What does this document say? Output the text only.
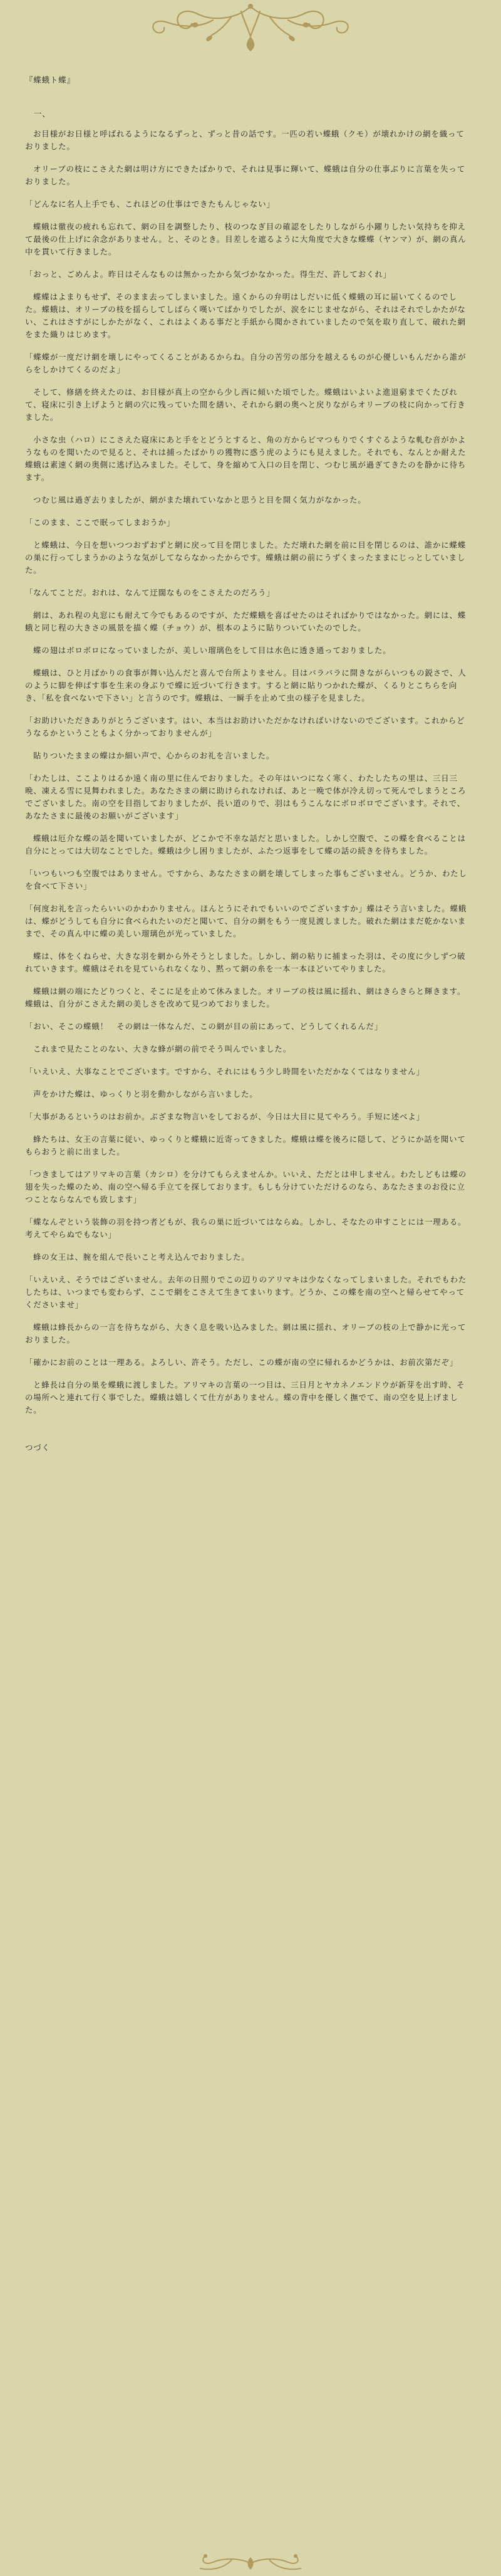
『蝶蛾ト蝶』
一、
お目様がお日様と呼ばれるようになるずっと、ずっと昔の話です。一匹の若い蝶蛾（クモ）が壊れかけの網を織っておりました。
オリーブの枝にこさえた網は明け方にできたばかりで、それは見事に輝いて、蝶蛾は自分の仕事ぶりに言葉を失っておりました。
「どんなに名人上手でも、これほどの仕事はできたもんじゃない」
蝶蛾は徹夜の疲れも忘れて、網の目を調整したり、枝のつなぎ目の確認をしたりしながら小躍りしたい気持ちを抑えて最後の仕上げに余念がありません。と、そのとき。目差しを遮るように大角度で大きな蝶蝶（ヤンマ）が、網の真ん中を貫いて行きました。
「おっと、ごめんよ。昨日はそんなものは無かったから気づかなかった。得生だ、許しておくれ」
蝶蝶はよまりもせず、そのまま去ってしまいました。遠くからの弁明はしだいに低く蝶蛾の耳に届いてくるのでした。蝶蛾は、オリーブの枝を揺らしてしばらく嘆いてばかりでしたが、涙をにじませながら、それはそれでしかたがない、これはさすがにしかたがなく、これはよくある事だと手紙から聞かされていましたので気を取り直して、破れた網をまた織りはじめます。
「蝶蝶が一度だけ網を壊しにやってくることがあるからね。自分の苦労の部分を越えるものが心優しいもんだから誰がらをしかけてくるのだよ」
そして、修繕を終えたのは、お目様が真上の空から少し西に傾いた頃でした。蝶蛾はいよいよ進退窮までくたびれて、寝床に引き上げようと網の穴に残っていた間を繕い、それから網の奥へと戻りながらオリーブの枝に向かって行きました。
小さな虫（ハロ）にこさえた寝床にあと手をとどうとすると、角の方からピマつもりでくすぐるような軋む音がかようなものを聞いたので見ると、それは捕ったばかりの獲物に惑う虎のようにも見えました。それでも、なんとか耐えた蝶蛾は素速く網の奥側に逃げ込みました。そして、身を縮めて入口の目を閉じ、つむじ風が過ぎてきたのを静かに待ちます。
つむじ風は過ぎ去りましたが、網がまた壊れていなかと思うと目を開く気力がなかった。
「このまま、ここで眠ってしまおうか」
と蝶蛾は、今日を想いつつおずおずと網に戻って目を閉じました。ただ壊れた網を前に目を閉じるのは、誰かに蝶蝶の巣に行ってしまうかのような気がしてならなかったからです。蝶蛾は網の前にうずくまったままにじっとしていました。
「なんてことだ。おれは、なんて迂闊なものをこさえたのだろう」
網は、あれ程の丸窓にも耐えて今でもあるのですが、ただ蝶蛾を喜ばせたのはそればかりではなかった。網には、蝶蛾と同じ程の大きさの風景を描く蝶（チョウ）が、根本のように貼りついていたのでした。
蝶の翅はボロボロになっていましたが、美しい瑠璃色をして目は水色に透き通っておりました。
蝶蛾は、ひと月ばかりの食事が舞い込んだと喜んで台所よりません。目はバラバラに開きながらいつもの鋭さで、人のように脚を伸ばす事を生来の身ぶりで蝶に近づいて行きます。すると網に貼りつかれた蝶が、くるりとこちらを向き、「私を食べないで下さい」と言うのです。蝶蛾は、一瞬手を止めて虫の様子を見ました。
「お助けいただきありがとうございます。はい、本当はお助けいただかなければいけないのでございます。これからどうなるかということもよく分かっておりませんが」
貼りついたままの蝶はか細い声で、心からのお礼を言いました。
「わたしは、ここよりはるか遠く南の里に住んでおりました。その年はいつになく寒く、わたしたちの里は、三日三晩、凍える雪に見舞われました。あなたさまの網に助けられなければ、あと一晩で体が冷え切って死んでしまうところでございました。南の空を目指しておりましたが、長い道のりで、羽はもうこんなにボロボロでございます。それで、あなたさまに最後のお願いがございます」
蝶蛾は厄介な蝶の話を聞いていましたが、どこかで不幸な話だと思いました。しかし空腹で、この蝶を食べることは自分にとっては大切なことでした。蝶蛾は少し困りましたが、ふたつ返事をして蝶の話の続きを待ちました。
「いつもいつも空腹ではありません。ですから、あなたさまの網を壊してしまった事もございません。どうか、わたしを食べて下さい」
「何度お礼を言ったらいいのかわかりません。ほんとうにそれでもいいのでございますか」蝶はそう言いました。蝶蛾は、蝶がどうしても自分に食べられたいのだと聞いて、自分の網をもう一度見渡しました。破れた網はまだ乾かないままで、その真ん中に蝶の美しい瑠璃色が光っていました。
蝶は、体をくねらせ、大きな羽を網から外そうとしました。しかし、網の粘りに捕まった羽は、その度に少しずつ破れていきます。蝶蛾はそれを見ていられなくなり、黙って網の糸を一本一本ほどいてやりました。
蝶蛾は網の端にたどりつくと、そこに足を止めて休みました。オリーブの枝は風に揺れ、網はきらきらと輝きます。蝶蛾は、自分がこさえた網の美しさを改めて見つめておりました。
「おい、そこの蝶蛾！　その網は一体なんだ、この網が目の前にあって、どうしてくれるんだ」
これまで見たことのない、大きな蜂が網の前でそう叫んでいました。
「いえいえ、大事なことでございます。ですから、それにはもう少し時間をいただかなくてはなりません」
声をかけた蝶は、ゆっくりと羽を動かしながら言いました。
「大事があるというのはお前か。ぶざまな物言いをしておるが、今日は大目に見てやろう。手短に述べよ」
蜂たちは、女王の言葉に従い、ゆっくりと蝶蛾に近寄ってきました。蝶蛾は蝶を後ろに隠して、どうにか話を聞いてもらおうと前に出ました。
「つきましてはアリマキの言葉（カシロ）を分けてもらえませんか。いいえ、ただとは申しません。わたしどもは蝶の翅を失った蝶のため、南の空へ帰る手立てを探しております。もしも分けていただけるのなら、あなたさまのお役に立つことならなんでも致します」
「蝶なんぞという装飾の羽を持つ者どもが、我らの巣に近づいてはならぬ。しかし、そなたの申すことには一理ある。考えてやらぬでもない」
蜂の女王は、腕を組んで長いこと考え込んでおりました。
「いえいえ、そうではございません。去年の日照りでこの辺りのアリマキは少なくなってしまいました。それでもわたしたちは、いつまでも変わらず、ここで網をこさえて生きてまいります。どうか、この蝶を南の空へと帰らせてやってくださいませ」
蝶蛾は蜂長からの一言を待ちながら、大きく息を吸い込みました。網は風に揺れ、オリーブの枝の上で静かに光っておりました。
「確かにお前のことは一理ある。よろしい、許そう。ただし、この蝶が南の空に帰れるかどうかは、お前次第だぞ」
と蜂長は自分の巣を蝶蛾に渡しました。アリマキの言葉の一つ目は、三日月とヤカネノエンドウが新芽を出す時、その場所へと連れて行く事でした。蝶蛾は嬉しくて仕方がありません。蝶の背中を優しく撫でて、南の空を見上げました。
つづく
